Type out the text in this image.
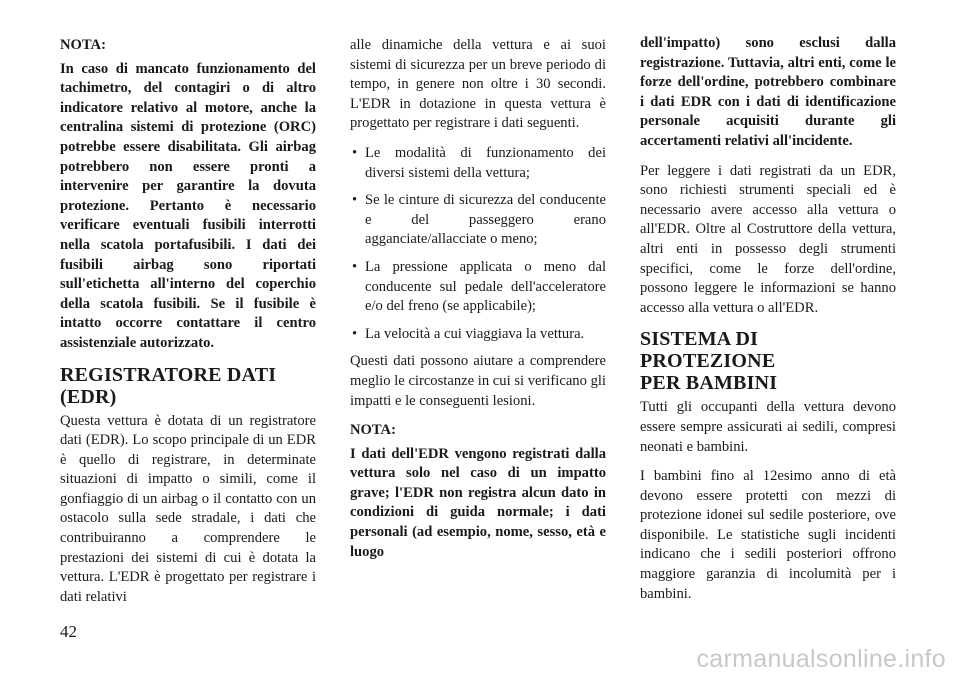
NOTA:

In caso di mancato funzionamento del tachimetro, del contagiri o di altro indicatore relativo al motore, anche la centralina sistemi di protezione (ORC) potrebbe essere disabilitata. Gli airbag potrebbero non essere pronti a intervenire per garantire la dovuta protezione. Pertanto è necessario verificare eventuali fusibili interrotti nella scatola portafusibili. I dati dei fusibili airbag sono riportati sull'etichetta all'interno del coperchio della scatola fusibili. Se il fusibile è intatto occorre contattare il centro assistenziale autorizzato.

REGISTRATORE DATI
(EDR)

Questa vettura è dotata di un registratore dati (EDR). Lo scopo principale di un EDR è quello di registrare, in determinate situazioni di impatto o simili, come il gonfiaggio di un airbag o il contatto con un ostacolo sulla sede stradale, i dati che contribuiranno a comprendere le prestazioni dei sistemi di cui è dotata la vettura. L'EDR è progettato per registrare i dati relativi

alle dinamiche della vettura e ai suoi sistemi di sicurezza per un breve periodo di tempo, in genere non oltre i 30 secondi. L'EDR in dotazione in questa vettura è progettato per registrare i dati seguenti.

• Le modalità di funzionamento dei diversi sistemi della vettura;
• Se le cinture di sicurezza del conducente e del passeggero erano agganciate/allacciate o meno;
• La pressione applicata o meno dal conducente sul pedale dell'acceleratore e/o del freno (se applicabile);
• La velocità a cui viaggiava la vettura.

Questi dati possono aiutare a comprendere meglio le circostanze in cui si verificano gli impatti e le conseguenti lesioni.

NOTA:

I dati dell'EDR vengono registrati dalla vettura solo nel caso di un impatto grave; l'EDR non registra alcun dato in condizioni di guida normale; i dati personali (ad esempio, nome, sesso, età e luogo

dell'impatto) sono esclusi dalla registrazione. Tuttavia, altri enti, come le forze dell'ordine, potrebbero combinare i dati EDR con i dati di identificazione personale acquisiti durante gli accertamenti relativi all'incidente.

Per leggere i dati registrati da un EDR, sono richiesti strumenti speciali ed è necessario avere accesso alla vettura o all'EDR. Oltre al Costruttore della vettura, altri enti in possesso degli strumenti specifici, come le forze dell'ordine, possono leggere le informazioni se hanno accesso alla vettura o all'EDR.

SISTEMA DI PROTEZIONE
PER BAMBINI

Tutti gli occupanti della vettura devono essere sempre assicurati ai sedili, compresi neonati e bambini.

I bambini fino al 12esimo anno di età devono essere protetti con mezzi di protezione idonei sul sedile posteriore, ove disponibile. Le statistiche sugli incidenti indicano che i sedili posteriori offrono maggiore garanzia di incolumità per i bambini.

42
carmanualsonline.info
